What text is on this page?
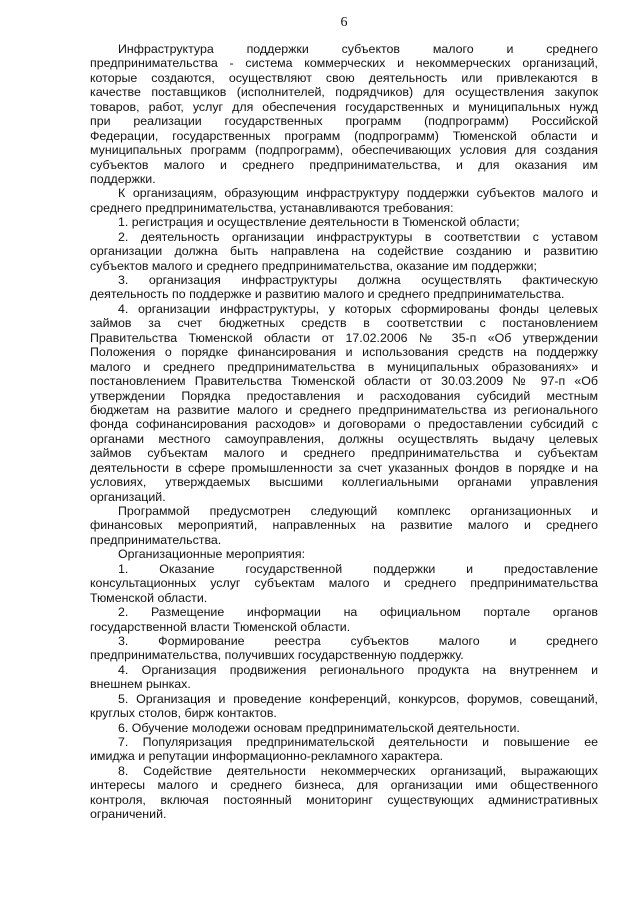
6
Инфраструктура поддержки субъектов малого и среднего
предпринимательства - система коммерческих и некоммерческих организаций,
которые создаются, осуществляют свою деятельность или привлекаются в
качестве поставщиков (исполнителей, подрядчиков) для осуществления закупок
товаров, работ, услуг для обеспечения государственных и муниципальных нужд
при реализации государственных программ (подпрограмм) Российской
Федерации, государственных программ (подпрограмм) Тюменской области и
муниципальных программ (подпрограмм), обеспечивающих условия для создания
субъектов малого и среднего предпринимательства, и для оказания им
поддержки.
К организациям, образующим инфраструктуру поддержки субъектов малого и
среднего предпринимательства, устанавливаются требования:
1. регистрация и осуществление деятельности в Тюменской области;
2. деятельность организации инфраструктуры в соответствии с уставом
организации должна быть направлена на содействие созданию и развитию
субъектов малого и среднего предпринимательства, оказание им поддержки;
3. организация инфраструктуры должна осуществлять фактическую
деятельность по поддержке и развитию малого и среднего предпринимательства.
4. организации инфраструктуры, у которых сформированы фонды целевых
займов за счет бюджетных средств в соответствии с постановлением
Правительства Тюменской области от 17.02.2006 № 35-п «Об утверждении
Положения о порядке финансирования и использования средств на поддержку
малого и среднего предпринимательства в муниципальных образованиях» и
постановлением Правительства Тюменской области от 30.03.2009 № 97-п «Об
утверждении Порядка предоставления и расходования субсидий местным
бюджетам на развитие малого и среднего предпринимательства из регионального
фонда софинансирования расходов» и договорами о предоставлении субсидий с
органами местного самоуправления, должны осуществлять выдачу целевых
займов субъектам малого и среднего предпринимательства и субъектам
деятельности в сфере промышленности за счет указанных фондов в порядке и на
условиях, утверждаемых высшими коллегиальными органами управления
организаций.
Программой предусмотрен следующий комплекс организационных и
финансовых мероприятий, направленных на развитие малого и среднего
предпринимательства.
Организационные мероприятия:
1. Оказание государственной поддержки и предоставление
консультационных услуг субъектам малого и среднего предпринимательства
Тюменской области.
2. Размещение информации на официальном портале органов
государственной власти Тюменской области.
3. Формирование реестра субъектов малого и среднего
предпринимательства, получивших государственную поддержку.
4. Организация продвижения регионального продукта на внутреннем и
внешнем рынках.
5. Организация и проведение конференций, конкурсов, форумов, совещаний,
круглых столов, бирж контактов.
6. Обучение молодежи основам предпринимательской деятельности.
7. Популяризация предпринимательской деятельности и повышение ее
имиджа и репутации информационно-рекламного характера.
8. Содействие деятельности некоммерческих организаций, выражающих
интересы малого и среднего бизнеса, для организации ими общественного
контроля, включая постоянный мониторинг существующих административных
ограничений.
